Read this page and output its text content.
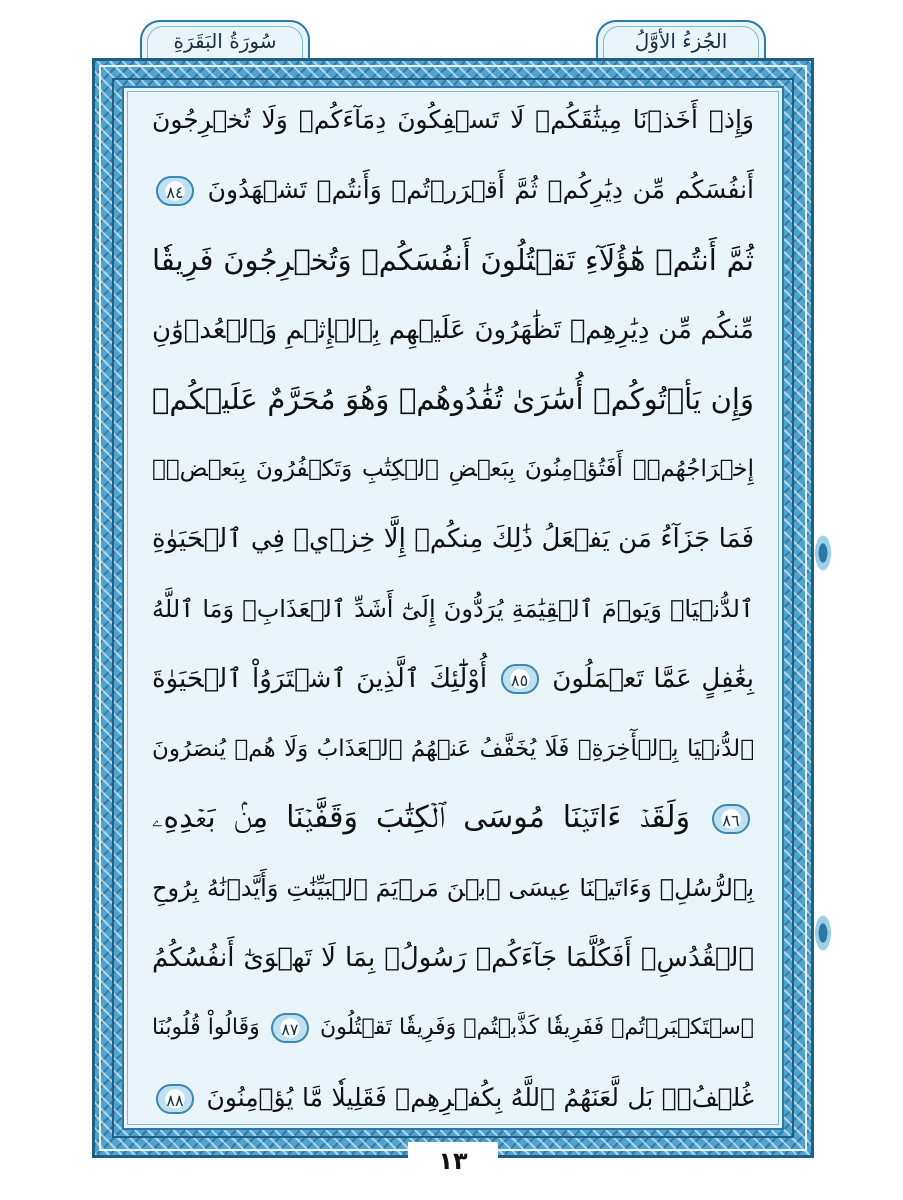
سُورَةُ البَقَرَةِ	الجُزءُ الأوَّلُ
وَإِذۡ أَخَذۡنَا مِيثَٰقَكُمۡ لَا تَسۡفِكُونَ دِمَآءَكُمۡ وَلَا تُخۡرِجُونَ
أَنفُسَكُم مِّن دِيَٰرِكُمۡ ثُمَّ أَقۡرَرۡتُمۡ وَأَنتُمۡ تَشۡهَدُونَ ٨٤
ثُمَّ أَنتُمۡ هَٰٓؤُلَآءِ تَقۡتُلُونَ أَنفُسَكُمۡ وَتُخۡرِجُونَ فَرِيقٗا
مِّنكُم مِّن دِيَٰرِهِمۡ تَظَٰهَرُونَ عَلَيۡهِم بِٱلۡإِثۡمِ وَٱلۡعُدۡوَٰنِ
وَإِن يَأۡتُوكُمۡ أُسَٰرَىٰ تُفَٰدُوهُمۡ وَهُوَ مُحَرَّمٌ عَلَيۡكُمۡ
إِخۡرَاجُهُمۡۚ أَفَتُؤۡمِنُونَ بِبَعۡضِ ٱلۡكِتَٰبِ وَتَكۡفُرُونَ بِبَعۡضٖۚ
فَمَا جَزَآءُ مَن يَفۡعَلُ ذَٰلِكَ مِنكُمۡ إِلَّا خِزۡيٞ فِي ٱلۡحَيَوٰةِ
ٱلدُّنۡيَاۖ وَيَوۡمَ ٱلۡقِيَٰمَةِ يُرَدُّونَ إِلَىٰٓ أَشَدِّ ٱلۡعَذَابِۗ وَمَا ٱللَّهُ
بِغَٰفِلٍ عَمَّا تَعۡمَلُونَ ٨٥ أُوْلَٰٓئِكَ ٱلَّذِينَ ٱشۡتَرَوُاْ ٱلۡحَيَوٰةَ
ٱلدُّنۡيَا بِٱلۡأٓخِرَةِۖ فَلَا يُخَفَّفُ عَنۡهُمُ ٱلۡعَذَابُ وَلَا هُمۡ يُنصَرُونَ
٨٦ وَلَقَدۡ ءَاتَيۡنَا مُوسَى ٱلۡكِتَٰبَ وَقَفَّيۡنَا مِنۢ بَعۡدِهِۦ
بِٱلرُّسُلِۖ وَءَاتَيۡنَا عِيسَى ٱبۡنَ مَرۡيَمَ ٱلۡبَيِّنَٰتِ وَأَيَّدۡنَٰهُ بِرُوحِ
ٱلۡقُدُسِۗ أَفَكُلَّمَا جَآءَكُمۡ رَسُولُۢ بِمَا لَا تَهۡوَىٰٓ أَنفُسُكُمُ
ٱسۡتَكۡبَرۡتُمۡ فَفَرِيقٗا كَذَّبۡتُمۡ وَفَرِيقٗا تَقۡتُلُونَ ٨٧ وَقَالُواْ قُلُوبُنَا
غُلۡفُۢۚ بَل لَّعَنَهُمُ ٱللَّهُ بِكُفۡرِهِمۡ فَقَلِيلٗا مَّا يُؤۡمِنُونَ ٨٨
١٣
